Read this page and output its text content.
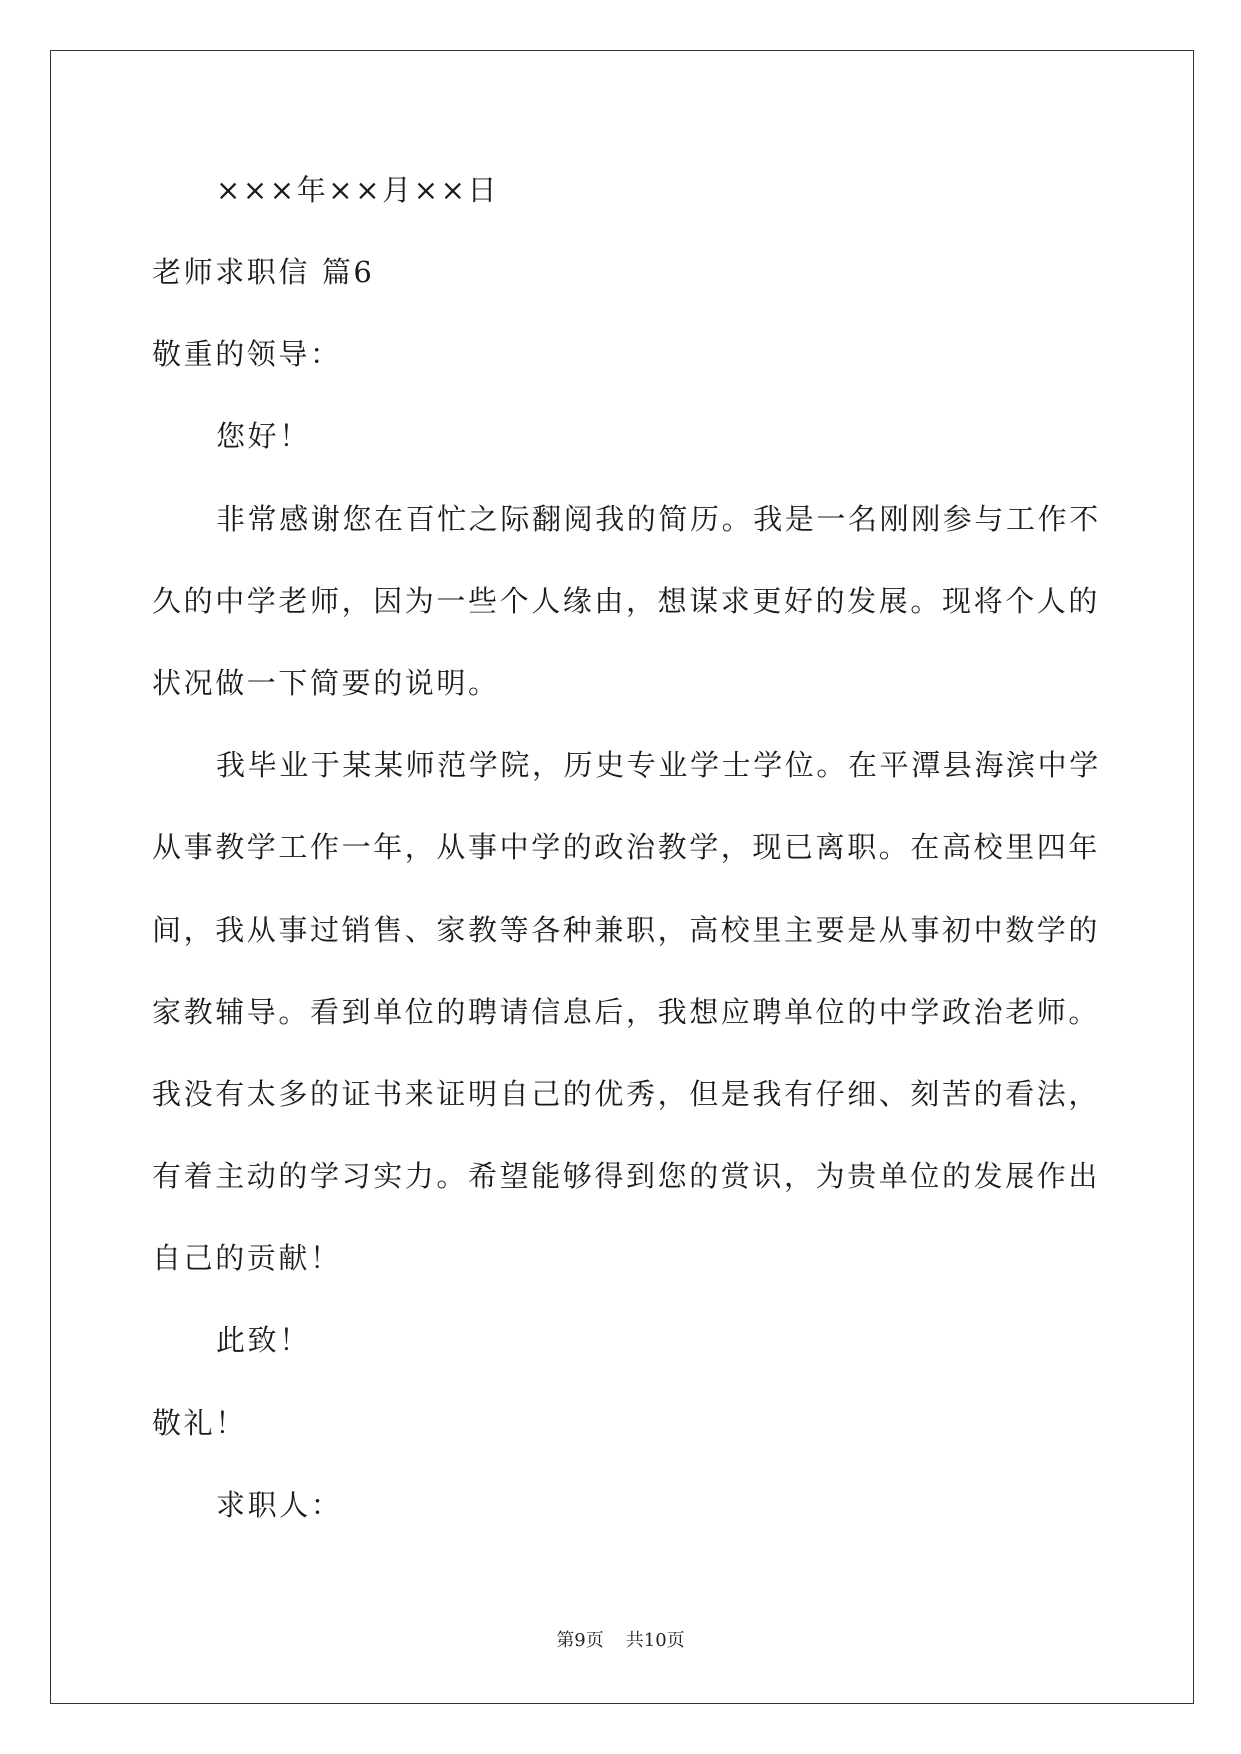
×××年××月××日
老师求职信 篇6
敬重的领导：
您好！
非常感谢您在百忙之际翻阅我的简历。我是一名刚刚参与工作不
久的中学老师，因为一些个人缘由，想谋求更好的发展。现将个人的
状况做一下简要的说明。
我毕业于某某师范学院，历史专业学士学位。在平潭县海滨中学
从事教学工作一年，从事中学的政治教学，现已离职。在高校里四年
间，我从事过销售、家教等各种兼职，高校里主要是从事初中数学的
家教辅导。看到单位的聘请信息后，我想应聘单位的中学政治老师。
我没有太多的证书来证明自己的优秀，但是我有仔细、刻苦的看法，
有着主动的学习实力。希望能够得到您的赏识，为贵单位的发展作出
自己的贡献！
此致！
敬礼！
求职人：
第9页 共10页
